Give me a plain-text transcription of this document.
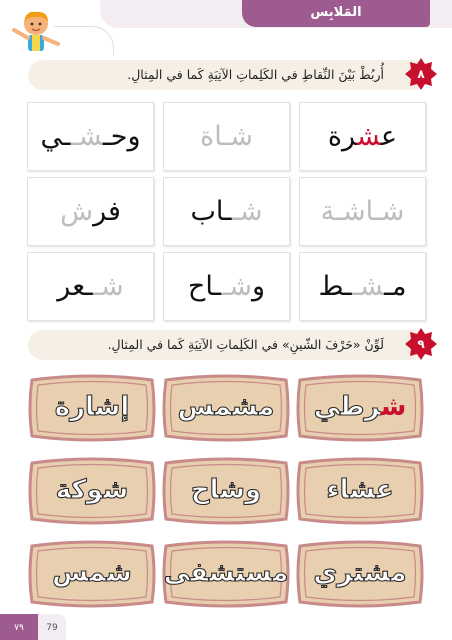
المَلابِس
أُربُطْ بَيْنَ النِّقاطِ في الكَلِماتِ الآتِيَةِ كَما في المِثالِ.	٨
عشرة
شـاة
وحـشــي
شـاشـة
شــاب
فرش
مـشــط
وشــاح
شــعر
لَوِّنْ «حَرْفَ الشّينِ» في الكَلِماتِ الآتِيَةِ كَما في المِثالِ.	٩
شرطي
مشمس
إشارة
عشاء
وشاح
شوكة
مشتري
مستشفى
شمس
٧٩	79
